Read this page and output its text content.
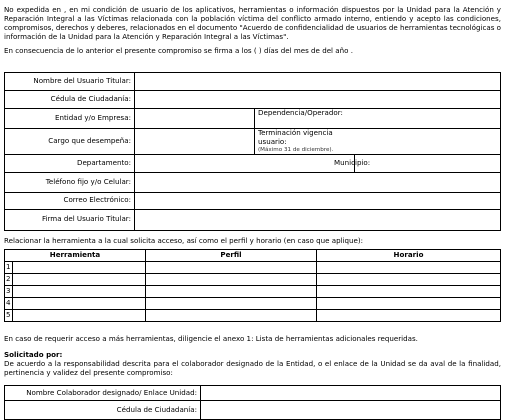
No expedida en , en mi condición de usuario de los aplicativos, herramientas o información dispuestos por la Unidad para la Atención y Reparación Integral a las Víctimas relacionada con la población víctima del conflicto armado interno, entiendo y acepto las condiciones, compromisos, derechos y deberes, relacionados en el documento "Acuerdo de confidencialidad de usuarios de herramientas tecnológicas o información de la Unidad para la Atención y Reparación Integral a las Víctimas".
En consecuencia de lo anterior el presente compromiso se firma a los ( ) días del mes de del año .
Nombre del Usuario Titular:			
Cédula de Ciudadanía:			
Entidad y/o Empresa:		Dependencia/Operador:	
Cargo que desempeña:		Terminación vigencia usuario:
(Máximo 31 de diciembre).	

Departamento:			Municipio:
Teléfono fijo y/o Celular:			
Correo Electrónico:			
Firma del Usuario Titular:			
Relacionar la herramienta a la cual solicita acceso, así como el perfil y horario (en caso que aplique):
Herramienta		Perfil	Horario
1			
2			
3			
4			
5			
En caso de requerir acceso a más herramientas, diligencie el anexo 1: Lista de herramientas adicionales requeridas.
Solicitado por:
De acuerdo a la responsabilidad descrita para el colaborador designado de la Entidad, o el enlace de la Unidad se da aval de la finalidad, pertinencia y validez del presente compromiso:
Nombre Colaborador designado/ Enlace Unidad:	
Cédula de Ciudadanía:	
